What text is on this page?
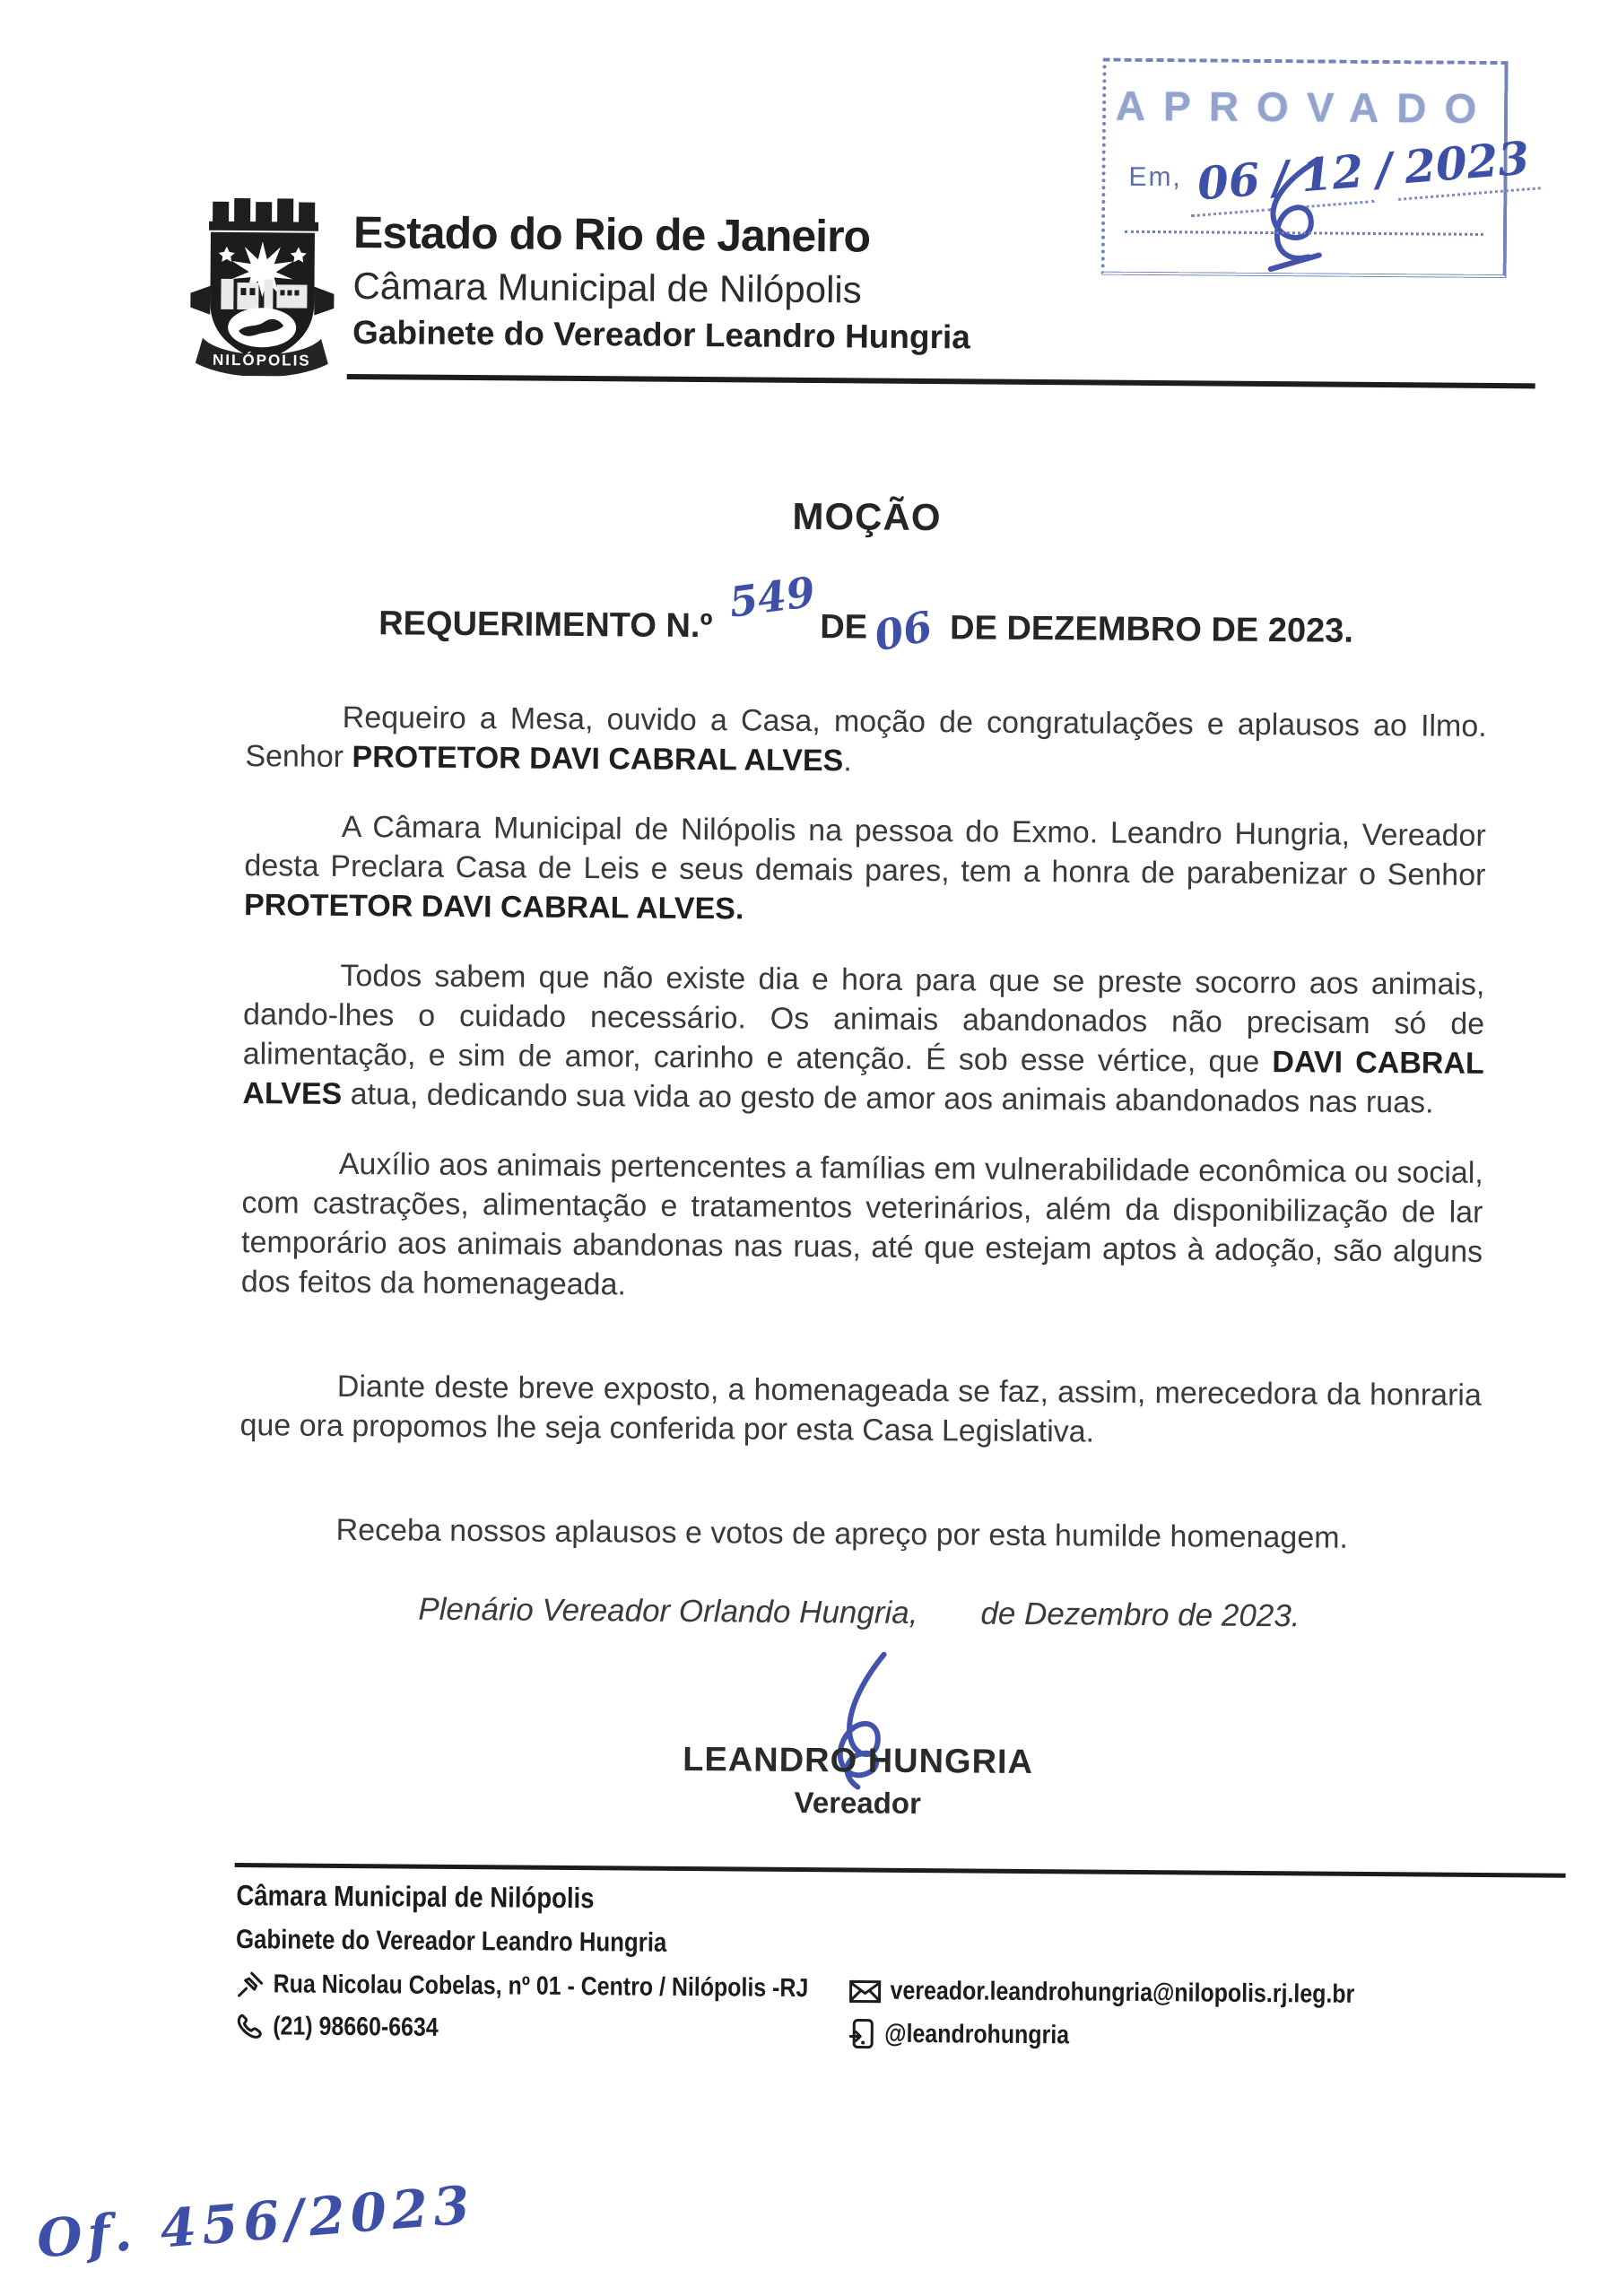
APROVADO
Em, 06 / 12 / 2023
NILÓPOLIS
Estado do Rio de Janeiro
Câmara Municipal de Nilópolis
Gabinete do Vereador Leandro Hungria
MOÇÃO
REQUERIMENTO N.º 549
DE 06 DE DEZEMBRO DE 2023.

Requeiro a Mesa, ouvido a Casa, moção de congratulações e aplausos ao Ilmo. Senhor PROTETOR DAVI CABRAL ALVES.

A Câmara Municipal de Nilópolis na pessoa do Exmo. Leandro Hungria, Vereador desta Preclara Casa de Leis e seus demais pares, tem a honra de parabenizar o Senhor PROTETOR DAVI CABRAL ALVES.

Todos sabem que não existe dia e hora para que se preste socorro aos animais, dando-lhes o cuidado necessário. Os animais abandonados não precisam só de alimentação, e sim de amor, carinho e atenção. É sob esse vértice, que DAVI CABRAL ALVES atua, dedicando sua vida ao gesto de amor aos animais abandonados nas ruas.

Auxílio aos animais pertencentes a famílias em vulnerabilidade econômica ou social, com castrações, alimentação e tratamentos veterinários, além da disponibilização de lar temporário aos animais abandonas nas ruas, até que estejam aptos à adoção, são alguns dos feitos da homenageada.

Diante deste breve exposto, a homenageada se faz, assim, merecedora da honraria que ora propomos lhe seja conferida por esta Casa Legislativa.

Receba nossos aplausos e votos de apreço por esta humilde homenagem.

Plenário Vereador Orlando Hungria, de Dezembro de 2023.
LEANDRO HUNGRIA
Vereador
Câmara Municipal de Nilópolis
Gabinete do Vereador Leandro Hungria
Rua Nicolau Cobelas, nº 01 - Centro / Nilópolis -RJ
(21) 98660-6634
vereador.leandrohungria@nilopolis.rj.leg.br
@leandrohungria
Of. 456/2023
